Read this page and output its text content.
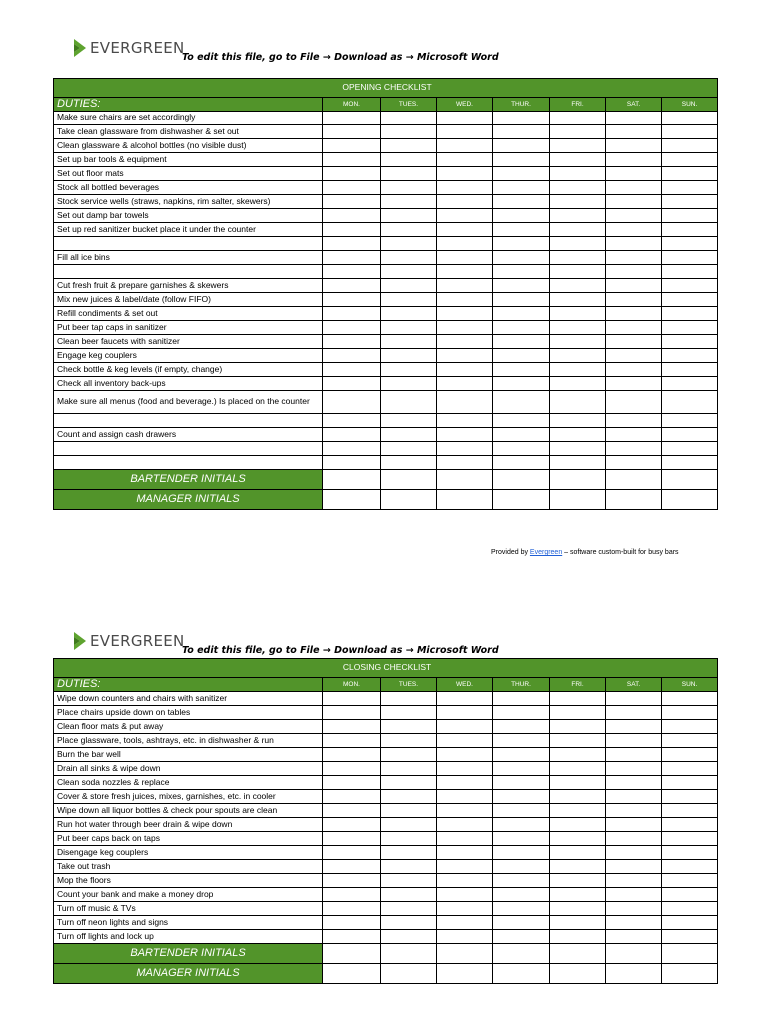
EVERGREEN
To edit this file, go to File → Download as → Microsoft Word
OPENING CHECKLIST							
DUTIES:	MON.	TUES.	WED.	THUR.	FRI.	SAT.	SUN.
Make sure chairs are set accordingly							
Take clean glassware from dishwasher & set out							
Clean glassware & alcohol bottles (no visible dust)							
Set up bar tools & equipment							
Set out floor mats							
Stock all bottled beverages							
Stock service wells (straws, napkins, rim salter, skewers)							
Set out damp bar towels							
Set up red sanitizer bucket place it under the counter							

Fill all ice bins							

Cut fresh fruit & prepare garnishes & skewers							
Mix new juices & label/date (follow FIFO)							
Refill condiments & set out							
Put beer tap caps in sanitizer							
Clean beer faucets with sanitizer							
Engage keg couplers							
Check bottle & keg levels (if empty, change)							
Check all inventory back-ups							
Make sure all menus (food and beverage.) Is placed on the counter							

Count and assign cash drawers							

BARTENDER INITIALS							
MANAGER INITIALS							
Provided by Evergreen – software custom-built for busy bars
EVERGREEN
To edit this file, go to File → Download as → Microsoft Word
CLOSING CHECKLIST							
DUTIES:	MON.	TUES.	WED.	THUR.	FRI.	SAT.	SUN.
Wipe down counters and chairs with sanitizer							
Place chairs upside down on tables							
Clean floor mats & put away							
Place glassware, tools, ashtrays, etc. in dishwasher & run							
Burn the bar well							
Drain all sinks & wipe down							
Clean soda nozzles & replace							
Cover & store fresh juices, mixes, garnishes, etc. in cooler							
Wipe down all liquor bottles & check pour spouts are clean							
Run hot water through beer drain & wipe down							
Put beer caps back on taps							
Disengage keg couplers							
Take out trash							
Mop the floors							
Count your bank and make a money drop							
Turn off music & TVs							
Turn off neon lights and signs							
Turn off lights and lock up							
BARTENDER INITIALS							
MANAGER INITIALS							
